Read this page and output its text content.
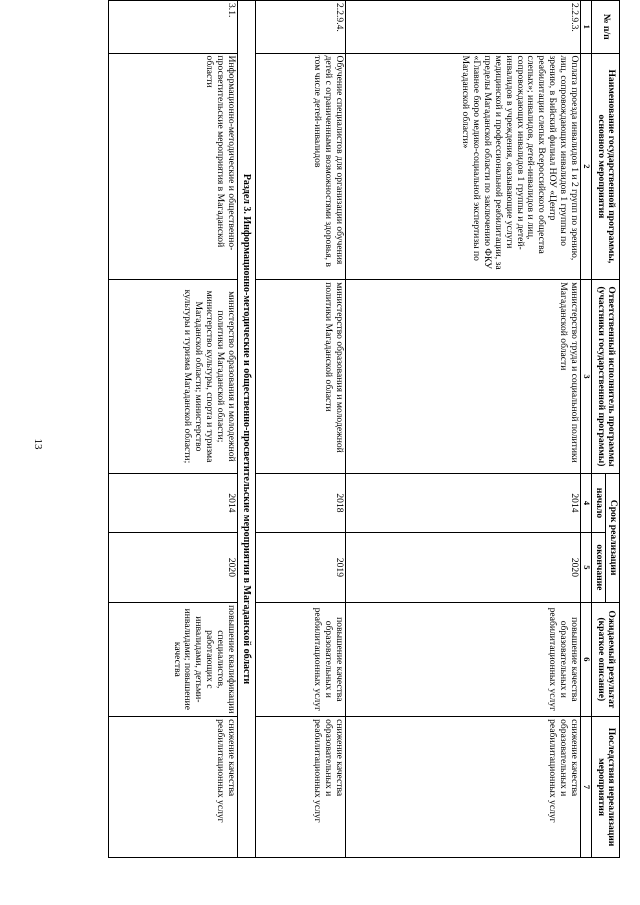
13
№ п/п	Наименование государственной программы, основного мероприятия	Ответственный исполнитель программы (участники государственной программы)	Срок реализации		Ожидаемый результат (краткое описание)	Последствия нереализации мероприятия
			начало	окончание		
1	2	3	4	5	6	7
2.2.9.3.	Оплата проезда инвалидов 1 и 2 групп по зрению, лиц, сопровождающих инвалидов 1 группы по зрению, в Бийский филиал НОУ «Центр реабилитации слепых Всероссийского общества слепых»; инвалидов, детей-инвалидов и лиц, сопровождающих инвалидов 1 группы и детей-инвалидов в учреждения, оказывающие услуги медицинской и профессиональной реабилитации, за пределы Магаданской области по заключению ФКУ «Главное бюро медико-социальной экспертизы по Магаданской области»	министерство труда и социальной политики Магаданской области	2014	2020	повышение качества образовательных и реабилитационных услуг	снижение качества образовательных и реабилитационных услуг
2.2.9.4.	Обучение специалистов для организации обучения детей с ограниченными возможностями здоровья, в том числе детей-инвалидов	министерство образования и молодежной политики Магаданской области	2018	2019	повышение качества образовательных и реабилитационных услуг	снижение качества образовательных и реабилитационных услуг
Раздел 3. Информационно-методические и общественно-просветительские мероприятия в Магаданской области						
3.1.	Информационно-методические и общественно-просветительские мероприятия в Магаданской области	министерство образования и молодежной политики Магаданской области; министерство культуры, спорта и туризма Магаданской области; министерство культуры и туризма Магаданской области;	2014	2020	повышение квалификации специалистов, работающих с инвалидами, детьми-инвалидами; повышение качества	снижение качества реабилитационных услуг
